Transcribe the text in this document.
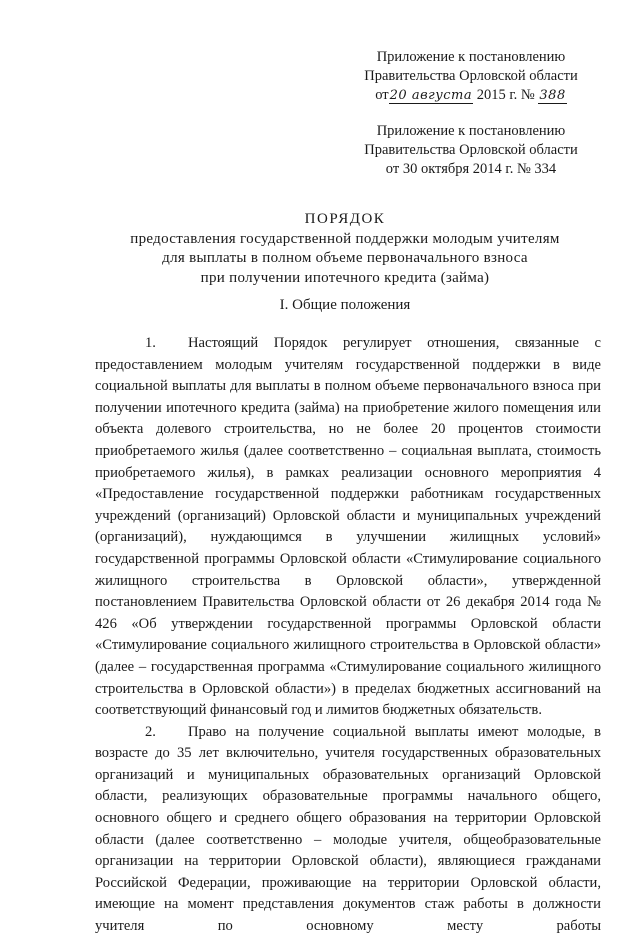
Приложение к постановлению
Правительства Орловской области
от20 августа 2015 г. № 388
Приложение к постановлению
Правительства Орловской области
от 30 октября 2014 г. № 334
ПОРЯДОК
предоставления государственной поддержки молодым учителям
для выплаты в полном объеме первоначального взноса
при получении ипотечного кредита (займа)
I. Общие положения

1. Настоящий Порядок регулирует отношения, связанные с предоставлением молодым учителям государственной поддержки в виде социальной выплаты для выплаты в полном объеме первоначального взноса при получении ипотечного кредита (займа) на приобретение жилого помещения или объекта долевого строительства, но не более 20 процентов стоимости приобретаемого жилья (далее соответственно – социальная выплата, стоимость приобретаемого жилья), в рамках реализации основного мероприятия 4 «Предоставление государственной поддержки работникам государственных учреждений (организаций) Орловской области и муниципальных учреждений (организаций), нуждающимся в улучшении жилищных условий» государственной программы Орловской области «Стимулирование социального жилищного строительства в Орловской области», утвержденной постановлением Правительства Орловской области от 26 декабря 2014 года № 426 «Об утверждении государственной программы Орловской области «Стимулирование социального жилищного строительства в Орловской области» (далее – государственная программа «Стимулирование социального жилищного строительства в Орловской области») в пределах бюджетных ассигнований на соответствующий финансовый год и лимитов бюджетных обязательств.

2. Право на получение социальной выплаты имеют молодые, в возрасте до 35 лет включительно, учителя государственных образовательных организаций и муниципальных образовательных организаций Орловской области, реализующих образовательные программы начального общего, основного общего и среднего общего образования на территории Орловской области (далее соответственно – молодые учителя, общеобразовательные организации на территории Орловской области), являющиеся гражданами Российской Федерации, проживающие на территории Орловской области, имеющие на момент представления документов стаж работы в должности учителя по основному месту работы
